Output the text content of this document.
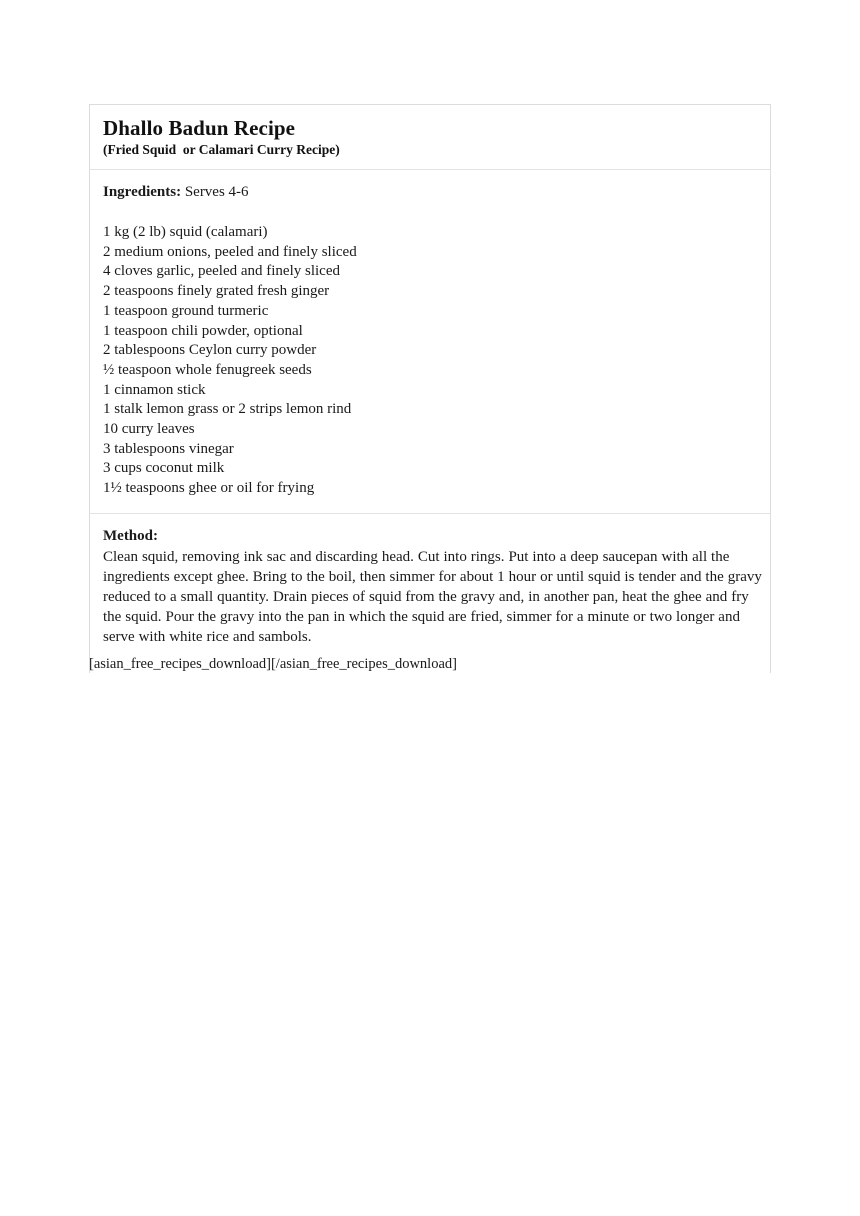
Dhallo Badun Recipe
(Fried Squid  or Calamari Curry Recipe)

Ingredients: Serves 4-6

1 kg (2 lb) squid (calamari)
2 medium onions, peeled and finely sliced
4 cloves garlic, peeled and finely sliced
2 teaspoons finely grated fresh ginger
1 teaspoon ground turmeric
1 teaspoon chili powder, optional
2 tablespoons Ceylon curry powder
½ teaspoon whole fenugreek seeds
1 cinnamon stick
1 stalk lemon grass or 2 strips lemon rind
10 curry leaves
3 tablespoons vinegar
3 cups coconut milk
1½ teaspoons ghee or oil for frying
Method:

Clean squid, removing ink sac and discarding head. Cut into rings. Put into a deep saucepan with all the ingredients except ghee. Bring to the boil, then simmer for about 1 hour or until squid is tender and the gravy reduced to a small quantity. Drain pieces of squid from the gravy and, in another pan, heat the ghee and fry the squid. Pour the gravy into the pan in which the squid are fried, simmer for a minute or two longer and serve with white rice and sambols.

[asian_free_recipes_download][/asian_free_recipes_download]
